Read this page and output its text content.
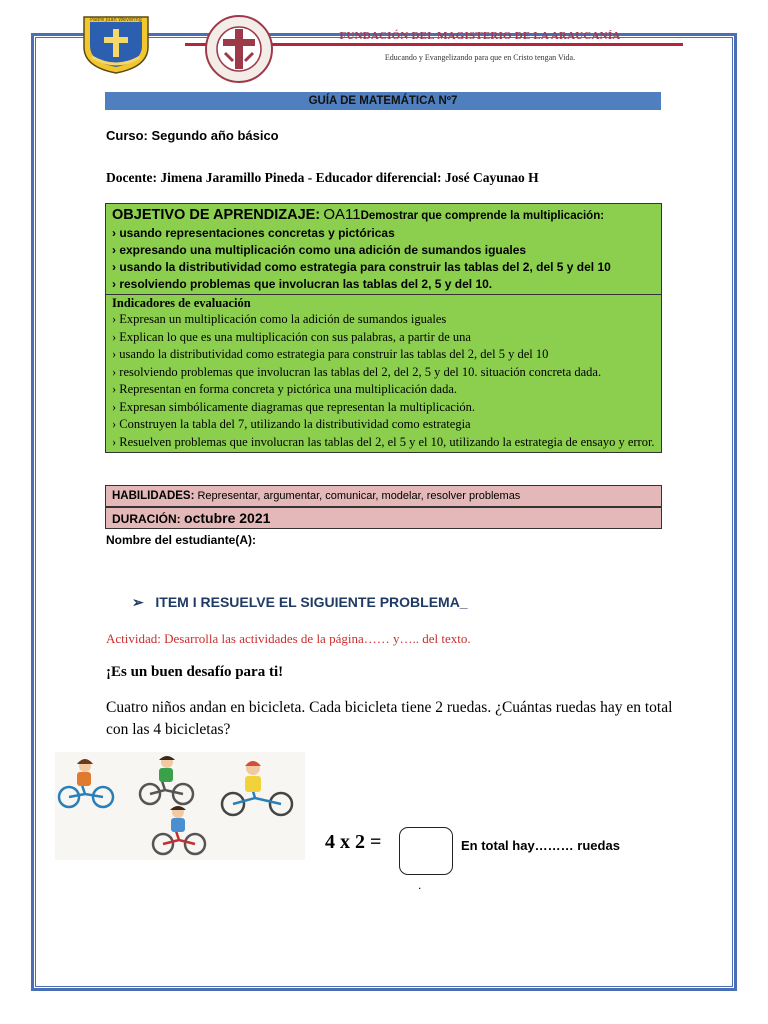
Padre Juan Wevering
FUNDACIÓN DEL MAGISTERIO DE LA ARAUCANÍA
Educando y Evangelizando para que en Cristo tengan Vida.
GUÍA DE MATEMÁTICA Nº7
Curso: Segundo año básico
Docente: Jimena Jaramillo Pineda - Educador diferencial: José Cayunao H
OBJETIVO DE APRENDIZAJE: OA11Demostrar que comprende la multiplicación:
› usando representaciones concretas y pictóricas
› expresando una multiplicación como una adición de sumandos iguales
› usando la distributividad como estrategia para construir las tablas del 2, del 5 y del 10
› resolviendo problemas que involucran las tablas del 2, 5 y del 10.
Indicadores de evaluación
› Expresan un multiplicación como la adición de sumandos iguales
› Explican lo que es una multiplicación con sus palabras, a partir de una
› usando la distributividad como estrategia para construir las tablas del 2, del 5 y del 10
› resolviendo problemas que involucran las tablas del 2, del 2, 5 y del 10. situación concreta dada.
› Representan en forma concreta y pictórica una multiplicación dada.
› Expresan simbólicamente diagramas que representan la multiplicación.
› Construyen la tabla del 7, utilizando la distributividad como estrategia
› Resuelven problemas que involucran las tablas del 2, el 5 y el 10, utilizando la estrategia de ensayo y error.
HABILIDADES: Representar, argumentar, comunicar, modelar, resolver problemas
DURACIÓN: octubre 2021
Nombre del estudiante(A):
➢ ITEM I RESUELVE EL SIGUIENTE PROBLEMA_
Actividad: Desarrolla las actividades de la página…… y….. del texto.
¡Es un buen desafío para ti!
Cuatro niños andan en bicicleta. Cada bicicleta tiene 2 ruedas. ¿Cuántas ruedas hay en total con las 4 bicicletas?
4 x 2 =	En total hay……… ruedas
.
